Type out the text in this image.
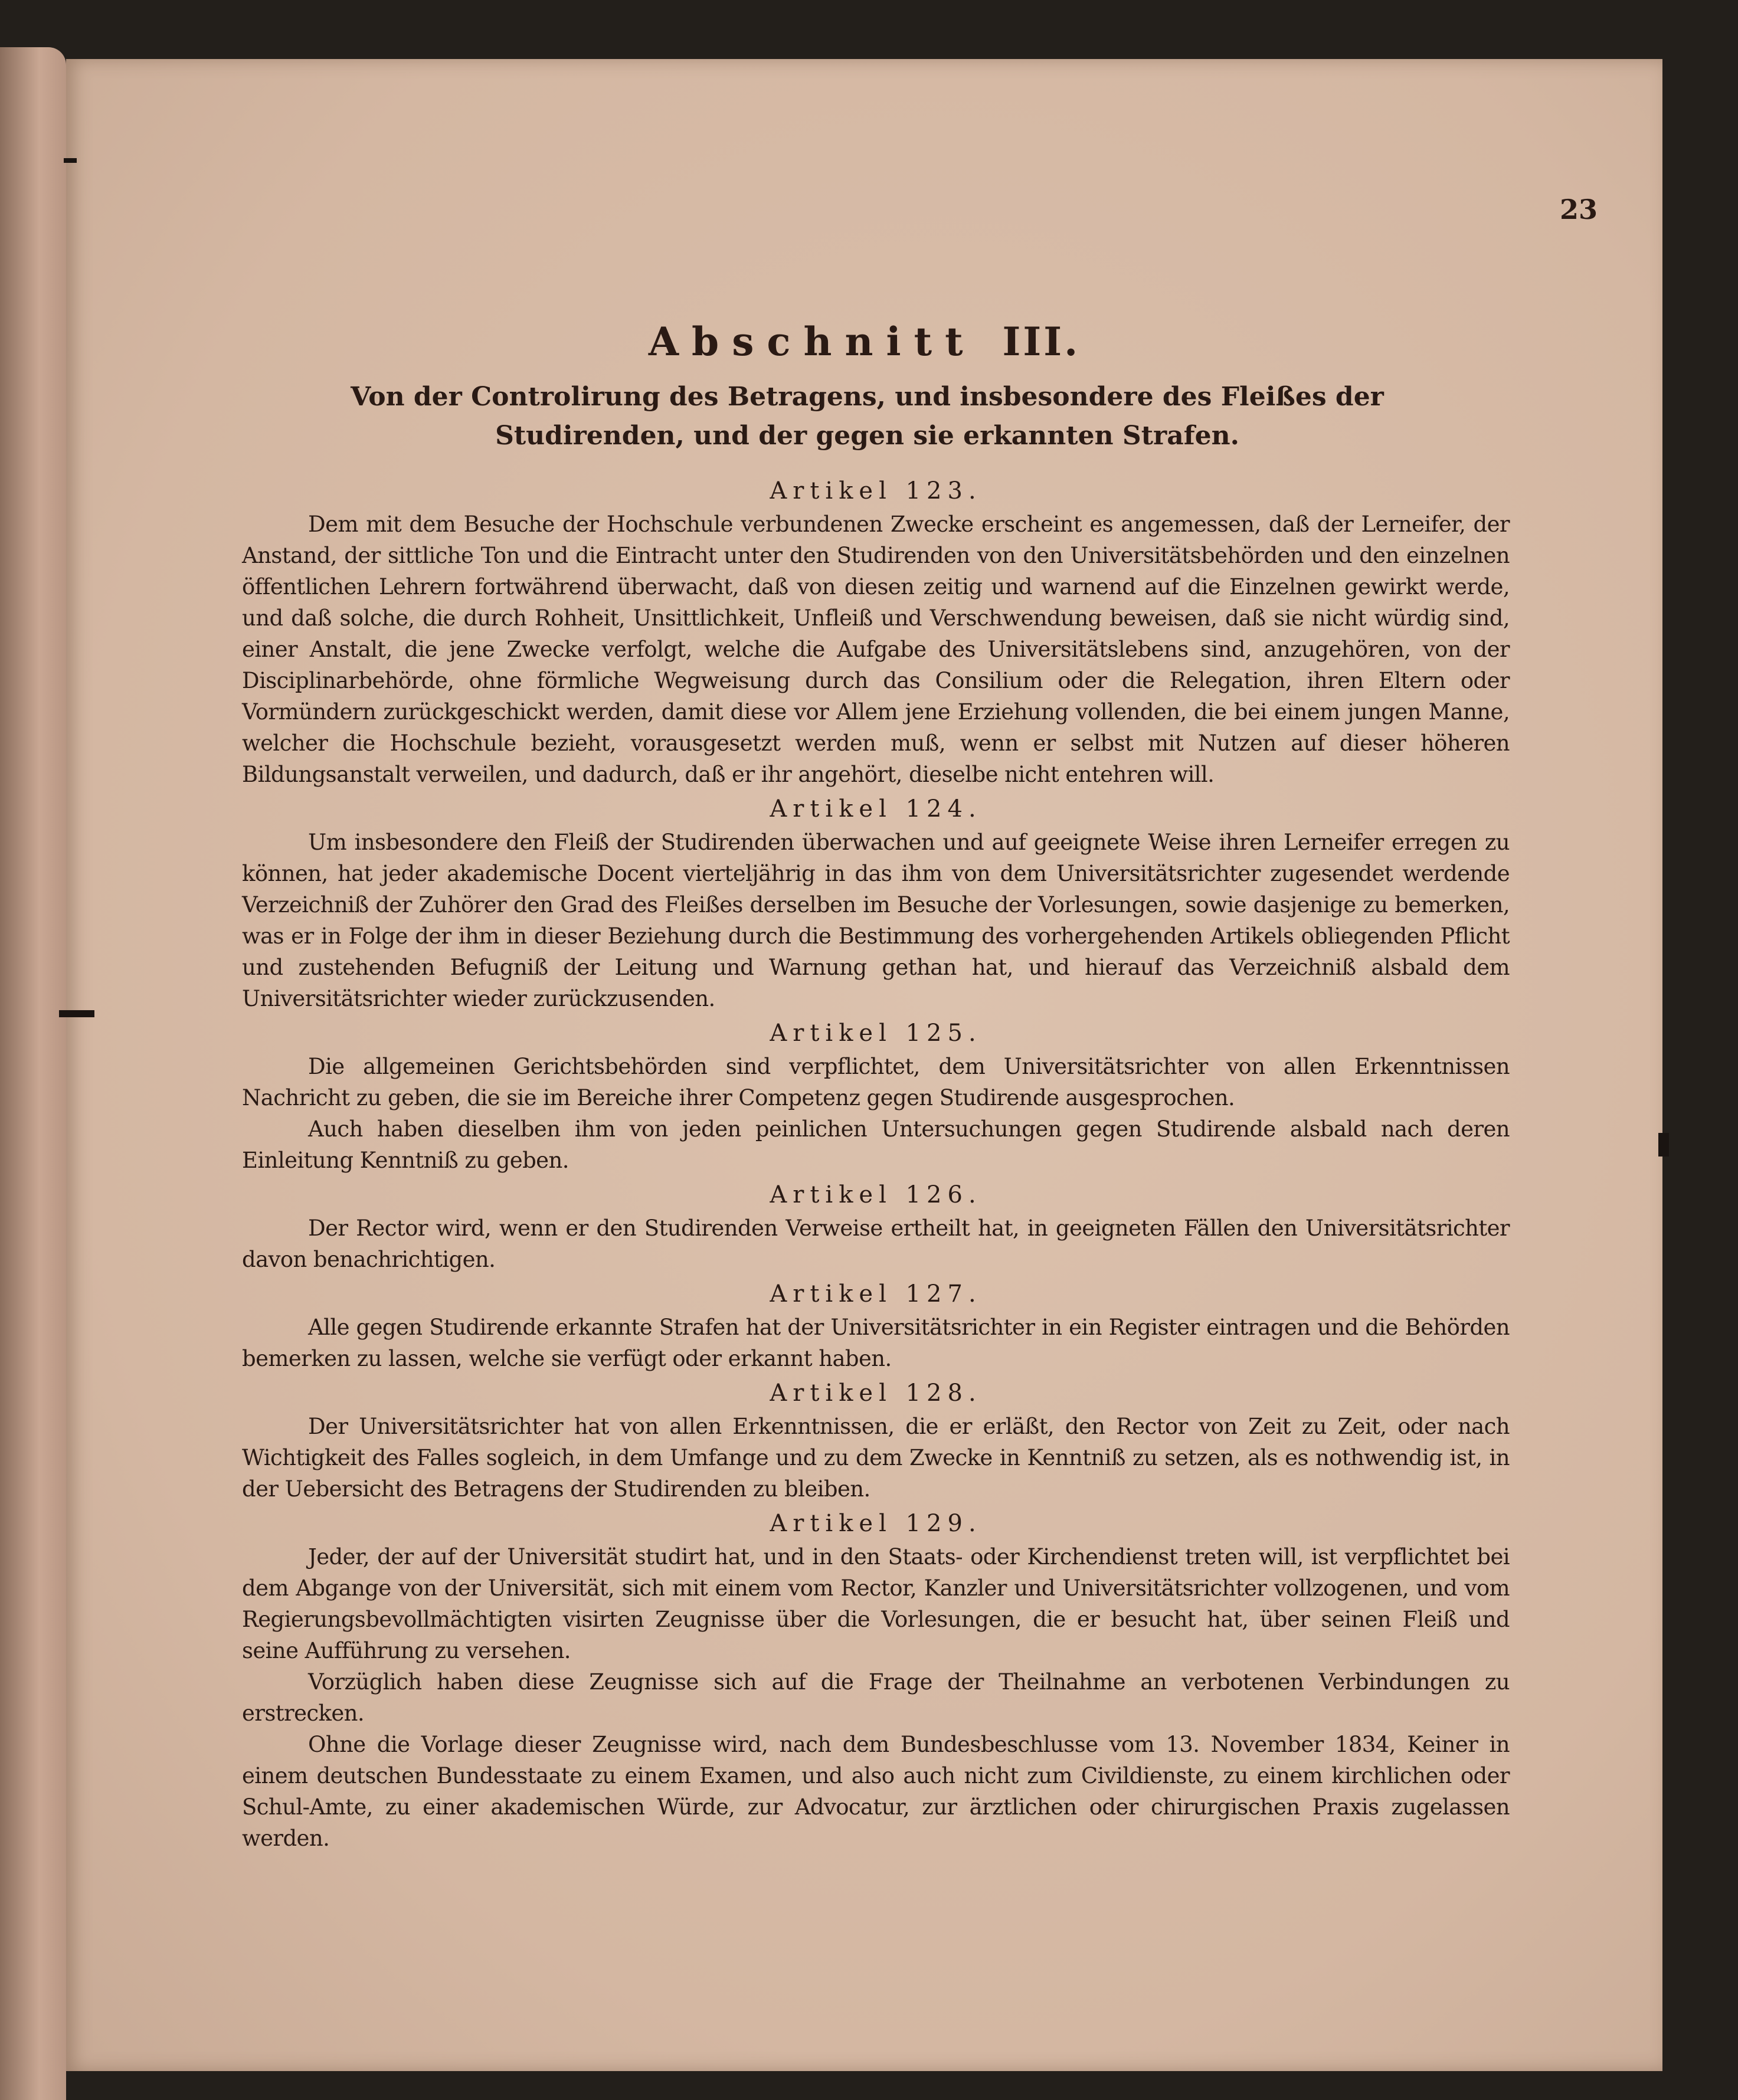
23
Abschnitt III.
Von der Controlirung des Betragens, und insbesondere des Fleißes der Studirenden, und der gegen sie erkannten Strafen.
Artikel 123.

Dem mit dem Besuche der Hochschule verbundenen Zwecke erscheint es angemessen, daß der Lerneifer, der Anstand, der sittliche Ton und die Eintracht unter den Studirenden von den Universitätsbehörden und den einzelnen öffentlichen Lehrern fortwährend überwacht, daß von diesen zeitig und warnend auf die Einzelnen gewirkt werde, und daß solche, die durch Rohheit, Unsittlichkeit, Unfleiß und Verschwendung beweisen, daß sie nicht würdig sind, einer Anstalt, die jene Zwecke verfolgt, welche die Aufgabe des Universitätslebens sind, anzugehören, von der Disciplinarbehörde, ohne förmliche Wegweisung durch das Consilium oder die Relegation, ihren Eltern oder Vormündern zurückgeschickt werden, damit diese vor Allem jene Erziehung vollenden, die bei einem jungen Manne, welcher die Hochschule bezieht, vorausgesetzt werden muß, wenn er selbst mit Nutzen auf dieser höheren Bildungsanstalt verweilen, und dadurch, daß er ihr angehört, dieselbe nicht entehren will.

Artikel 124.

Um insbesondere den Fleiß der Studirenden überwachen und auf geeignete Weise ihren Lerneifer erregen zu können, hat jeder akademische Docent vierteljährig in das ihm von dem Universitätsrichter zugesendet werdende Verzeichniß der Zuhörer den Grad des Fleißes derselben im Besuche der Vorlesungen, sowie dasjenige zu bemerken, was er in Folge der ihm in dieser Beziehung durch die Bestimmung des vorhergehenden Artikels obliegenden Pflicht und zustehenden Befugniß der Leitung und Warnung gethan hat, und hierauf das Verzeichniß alsbald dem Universitätsrichter wieder zurückzusenden.

Artikel 125.

Die allgemeinen Gerichtsbehörden sind verpflichtet, dem Universitätsrichter von allen Erkenntnissen Nachricht zu geben, die sie im Bereiche ihrer Competenz gegen Studirende ausgesprochen.

Auch haben dieselben ihm von jeden peinlichen Untersuchungen gegen Studirende alsbald nach deren Einleitung Kenntniß zu geben.

Artikel 126.

Der Rector wird, wenn er den Studirenden Verweise ertheilt hat, in geeigneten Fällen den Universitätsrichter davon benachrichtigen.

Artikel 127.

Alle gegen Studirende erkannte Strafen hat der Universitätsrichter in ein Register eintragen und die Behörden bemerken zu lassen, welche sie verfügt oder erkannt haben.

Artikel 128.

Der Universitätsrichter hat von allen Erkenntnissen, die er erläßt, den Rector von Zeit zu Zeit, oder nach Wichtigkeit des Falles sogleich, in dem Umfange und zu dem Zwecke in Kenntniß zu setzen, als es nothwendig ist, in der Uebersicht des Betragens der Studirenden zu bleiben.

Artikel 129.

Jeder, der auf der Universität studirt hat, und in den Staats- oder Kirchendienst treten will, ist verpflichtet bei dem Abgange von der Universität, sich mit einem vom Rector, Kanzler und Universitätsrichter vollzogenen, und vom Regierungsbevollmächtigten visirten Zeugnisse über die Vorlesungen, die er besucht hat, über seinen Fleiß und seine Aufführung zu versehen.

Vorzüglich haben diese Zeugnisse sich auf die Frage der Theilnahme an verbotenen Verbindungen zu erstrecken.

Ohne die Vorlage dieser Zeugnisse wird, nach dem Bundesbeschlusse vom 13. November 1834, Keiner in einem deutschen Bundesstaate zu einem Examen, und also auch nicht zum Civildienste, zu einem kirchlichen oder Schul-Amte, zu einer akademischen Würde, zur Advocatur, zur ärztlichen oder chirurgischen Praxis zugelassen werden.
